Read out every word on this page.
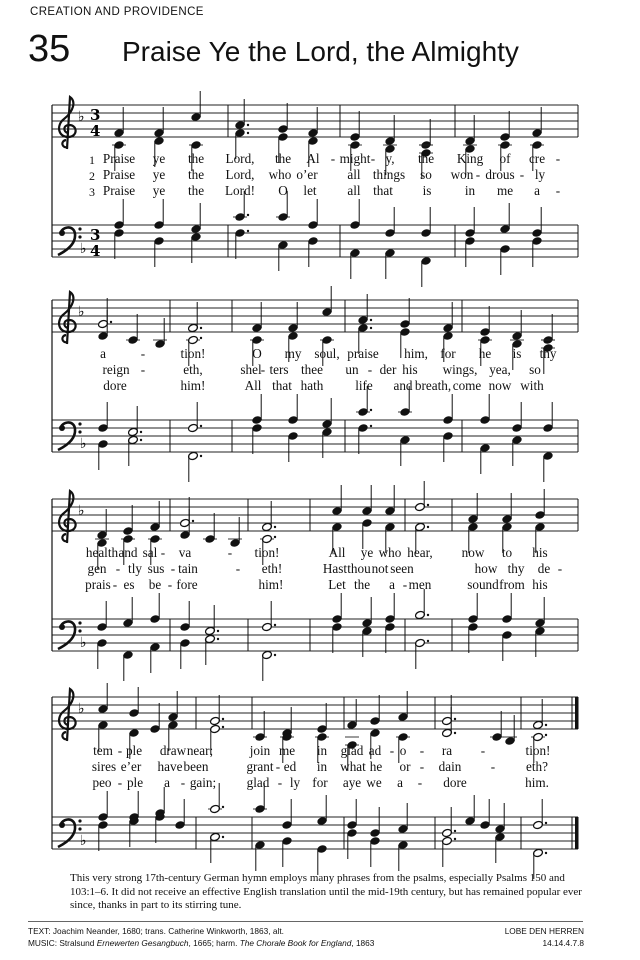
CREATION AND PROVIDENCE
35 Praise Ye the Lord, the Almighty
♭ 3
4
♭
3
4
♭
♭
♭
♭
♭
♭
1 Praise ye the Lord, the Al - might - y, the King of cre -
2 Praise ye the Lord, who o’er all things so won - drous - ly
3 Praise ye the Lord! O let all that is	in me a -
a	-	tion!	O my soul, praise him, for he is thy
reign -	eth,	shel - ters thee un - der his wings, yea, so
dore	him!	All that hath life and breath, come now with
health and sal - va	- tion!	All ye who hear, now to his
gen - tly sus - tain	- eth!	Hast thou not seen	how thy de -
prais - es be - fore	him!	Let the a - men	sound from his
tem - ple draw near;	join me in glad ad - o - ra -	tion!
sires e’er have been	grant - ed in what he or - dain - eth?
peo - ple a - gain; glad - ly for aye we a - dore	him.
This very strong 17th-century German hymn employs many phrases from the psalms, especially Psalms 150 and 103:1–6. It did not receive an effective English translation until the mid-19th century, but has remained popular ever since, thanks in part to its stirring tune.
TEXT: Joachim Neander, 1680; trans. Catherine Winkworth, 1863, alt.
MUSIC: Stralsund Ernewerten Gesangbuch, 1665; harm. The Chorale Book for England, 1863
LOBE DEN HERREN
14.14.4.7.8
